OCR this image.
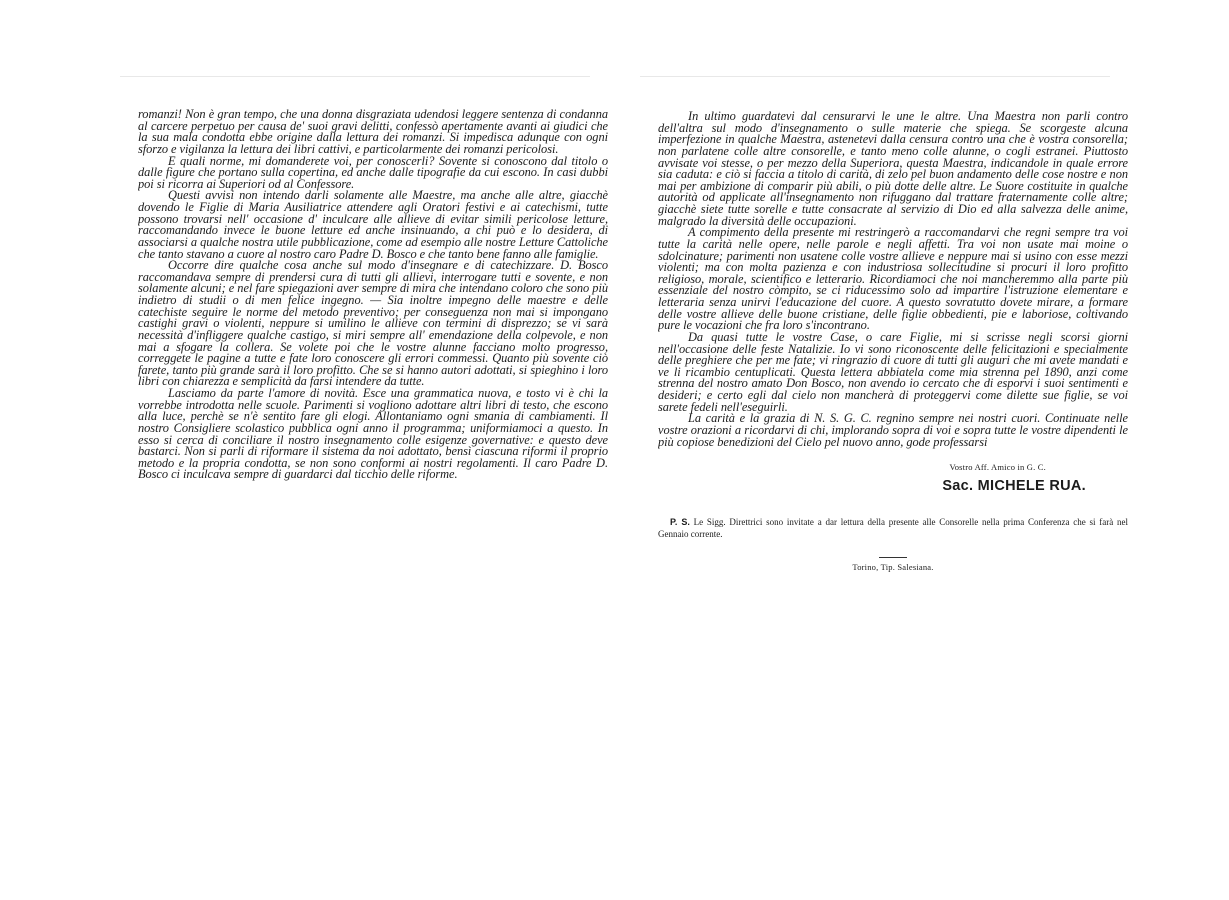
romanzi! Non è gran tempo, che una donna disgraziata udendosi leggere sentenza di condanna al carcere perpetuo per causa de' suoi gravi delitti, confessò apertamente avanti ai giudici che la sua mala condotta ebbe origine dalla lettura dei romanzi. Si impedisca adunque con ogni sforzo e vigilanza la lettura dei libri cattivi, e particolarmente dei romanzi pericolosi.

E quali norme, mi domanderete voi, per conoscerli? Sovente si conoscono dal titolo o dalle figure che portano sulla copertina, ed anche dalle tipografie da cui escono. In casi dubbi poi si ricorra ai Superiori od al Confessore.

Questi avvisi non intendo darli solamente alle Maestre, ma anche alle altre, giacchè dovendo le Figlie di Maria Ausiliatrice attendere agli Oratori festivi e ai catechismi, tutte possono trovarsi nell' occasione d' inculcare alle allieve di evitar simili pericolose letture, raccomandando invece le buone letture ed anche insinuando, a chi può e lo desidera, di associarsi a qualche nostra utile pubblicazione, come ad esempio alle nostre Letture Cattoliche che tanto stavano a cuore al nostro caro Padre D. Bosco e che tanto bene fanno alle famiglie.

Occorre dire qualche cosa anche sul modo d'insegnare e di catechizzare. D. Bosco raccomandava sempre di prendersi cura di tutti gli allievi, interrogare tutti e sovente, e non solamente alcuni; e nel fare spiegazioni aver sempre di mira che intendano coloro che sono più indietro di studii o di men felice ingegno. — Sia inoltre impegno delle maestre e delle catechiste seguire le norme del metodo preventivo; per conseguenza non mai si impongano castighi gravi o violenti, neppure si umilino le allieve con termini di disprezzo; se vi sarà necessità d'infliggere qualche castigo, si miri sempre all' emendazione della colpevole, e non mai a sfogare la collera. Se volete poi che le vostre alunne facciano molto progresso, correggete le pagine a tutte e fate loro conoscere gli errori commessi. Quanto più sovente ciò farete, tanto più grande sarà il loro profitto. Che se si hanno autori adottati, si spieghino i loro libri con chiarezza e semplicità da farsi intendere da tutte.

Lasciamo da parte l'amore di novità. Esce una grammatica nuova, e tosto vi è chi la vorrebbe introdotta nelle scuole. Parimenti si vogliono adottare altri libri di testo, che escono alla luce, perchè se n'è sentito fare gli elogi. Allontaniamo ogni smania di cambiamenti. Il nostro Consigliere scolastico pubblica ogni anno il programma; uniformiamoci a questo. In esso si cerca di conciliare il nostro insegnamento colle esigenze governative: e questo deve bastarci. Non si parli di riformare il sistema da noi adottato, bensì ciascuna riformi il proprio metodo e la propria condotta, se non sono conformi ai nostri regolamenti. Il caro Padre D. Bosco ci inculcava sempre di guardarci dal ticchio delle riforme.

In ultimo guardatevi dal censurarvi le une le altre. Una Maestra non parli contro dell'altra sul modo d'insegnamento o sulle materie che spiega. Se scorgeste alcuna imperfezione in qualche Maestra, astenetevi dalla censura contro una che è vostra consorella; non parlatene colle altre consorelle, e tanto meno colle alunne, o cogli estranei. Piuttosto avvisate voi stesse, o per mezzo della Superiora, questa Maestra, indicandole in quale errore sia caduta: e ciò si faccia a titolo di carità, di zelo pel buon andamento delle cose nostre e non mai per ambizione di comparir più abili, o più dotte delle altre. Le Suore costituite in qualche autorità od applicate all'insegnamento non rifuggano dal trattare fraternamente colle altre; giacchè siete tutte sorelle e tutte consacrate al servizio di Dio ed alla salvezza delle anime, malgrado la diversità delle occupazioni.

A compimento della presente mi restringerò a raccomandarvi che regni sempre tra voi tutte la carità nelle opere, nelle parole e negli affetti. Tra voi non usate mai moine o sdolcinature; parimenti non usatene colle vostre allieve e neppure mai si usino con esse mezzi violenti; ma con molta pazienza e con industriosa sollecitudine si procuri il loro profitto religioso, morale, scientifico e letterario. Ricordiamoci che noi mancheremmo alla parte più essenziale del nostro còmpito, se ci riducessimo solo ad impartire l'istruzione elementare e letteraria senza unirvi l'educazione del cuore. A questo sovratutto dovete mirare, a formare delle vostre allieve delle buone cristiane, delle figlie obbedienti, pie e laboriose, coltivando pure le vocazioni che fra loro s'incontrano.

Da quasi tutte le vostre Case, o care Figlie, mi si scrisse negli scorsi giorni nell'occasione delle feste Natalizie. Io vi sono riconoscente delle felicitazioni e specialmente delle preghiere che per me fate; vi ringrazio di cuore di tutti gli auguri che mi avete mandati e ve li ricambio centuplicati. Questa lettera abbiatela come mia strenna pel 1890, anzi come strenna del nostro amato Don Bosco, non avendo io cercato che di esporvi i suoi sentimenti e desideri; e certo egli dal cielo non mancherà di proteggervi come dilette sue figlie, se voi sarete fedeli nell'eseguirli.

La carità e la grazia di N. S. G. C. regnino sempre nei nostri cuori. Continuate nelle vostre orazioni a ricordarvi di chi, implorando sopra di voi e sopra tutte le vostre dipendenti le più copiose benedizioni del Cielo pel nuovo anno, gode professarsi

Vostro Aff. Amico in G. C.
Sac. MICHELE RUA.
P. S. Le Sigg. Direttrici sono invitate a dar lettura della presente alle Consorelle nella prima Conferenza che si farà nel Gennaio corrente.
Torino, Tip. Salesiana.
